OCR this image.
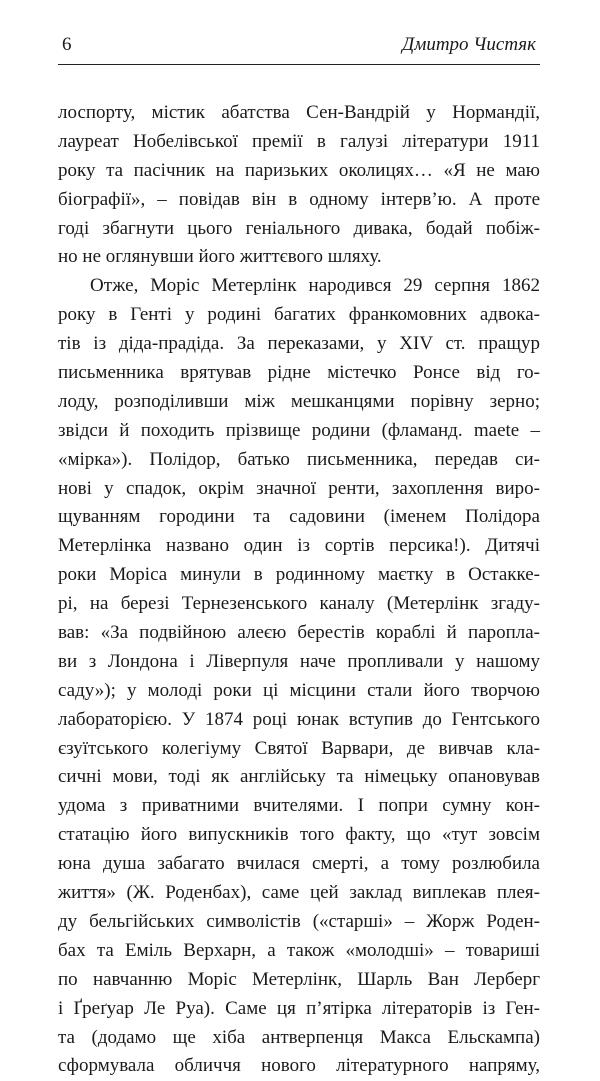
6	Дмитро Чистяк
лоспорту, містик абатства Сен-Вандрій у Нормандії,
лауреат Нобелівської премії в галузі літератури 1911
року та пасічник на паризьких околицях… «Я не маю
біографії», – повідав він в одному інтерв’ю. А проте
годі збагнути цього геніального дивака, бодай побіж-
но не оглянувши його життєвого шляху.
Отже, Моріс Метерлінк народився 29 серпня 1862
року в Генті у родині багатих франкомовних адвока-
тів із діда-прадіда. За переказами, у XIV ст. пращур
письменника врятував рідне містечко Ронсе від го-
лоду, розподіливши між мешканцями порівну зерно;
звідси й походить прізвище родини (фламанд. maete –
«мірка»). Полідор, батько письменника, передав си-
нові у спадок, окрім значної ренти, захоплення виро-
щуванням городини та садовини (іменем Полідора
Метерлінка названо один із сортів персика!). Дитячі
роки Моріса минули в родинному маєтку в Остакке-
рі, на березі Тернезенського каналу (Метерлінк згаду-
вав: «За подвійною алеєю берестів кораблі й пароплa-
ви з Лондона і Ліверпуля наче пропливали у нашому
саду»); у молоді роки ці місцини стали його творчою
лабораторією. У 1874 році юнак вступив до Гентського
єзуїтського колегіуму Святої Варвари, де вивчав кла-
сичні мови, тоді як англійську та німецьку опановував
удома з приватними вчителями. І попри сумну кон-
статацію його випускників того факту, що «тут зовсім
юна душа забагато вчилася смерті, а тому розлюбила
життя» (Ж. Роденбах), саме цей заклад виплекав плея-
ду бельгійських символістів («старші» – Жорж Роден-
бах та Еміль Верхарн, а також «молодші» – товариші
по навчанню Моріс Метерлінк, Шарль Ван Лерберг
і Ґреґуар Ле Руа). Саме ця п’ятірка літераторів із Ген-
та (додамо ще хіба антверпенця Макса Ельскампа)
сформувала обличчя нового літературного напряму,
